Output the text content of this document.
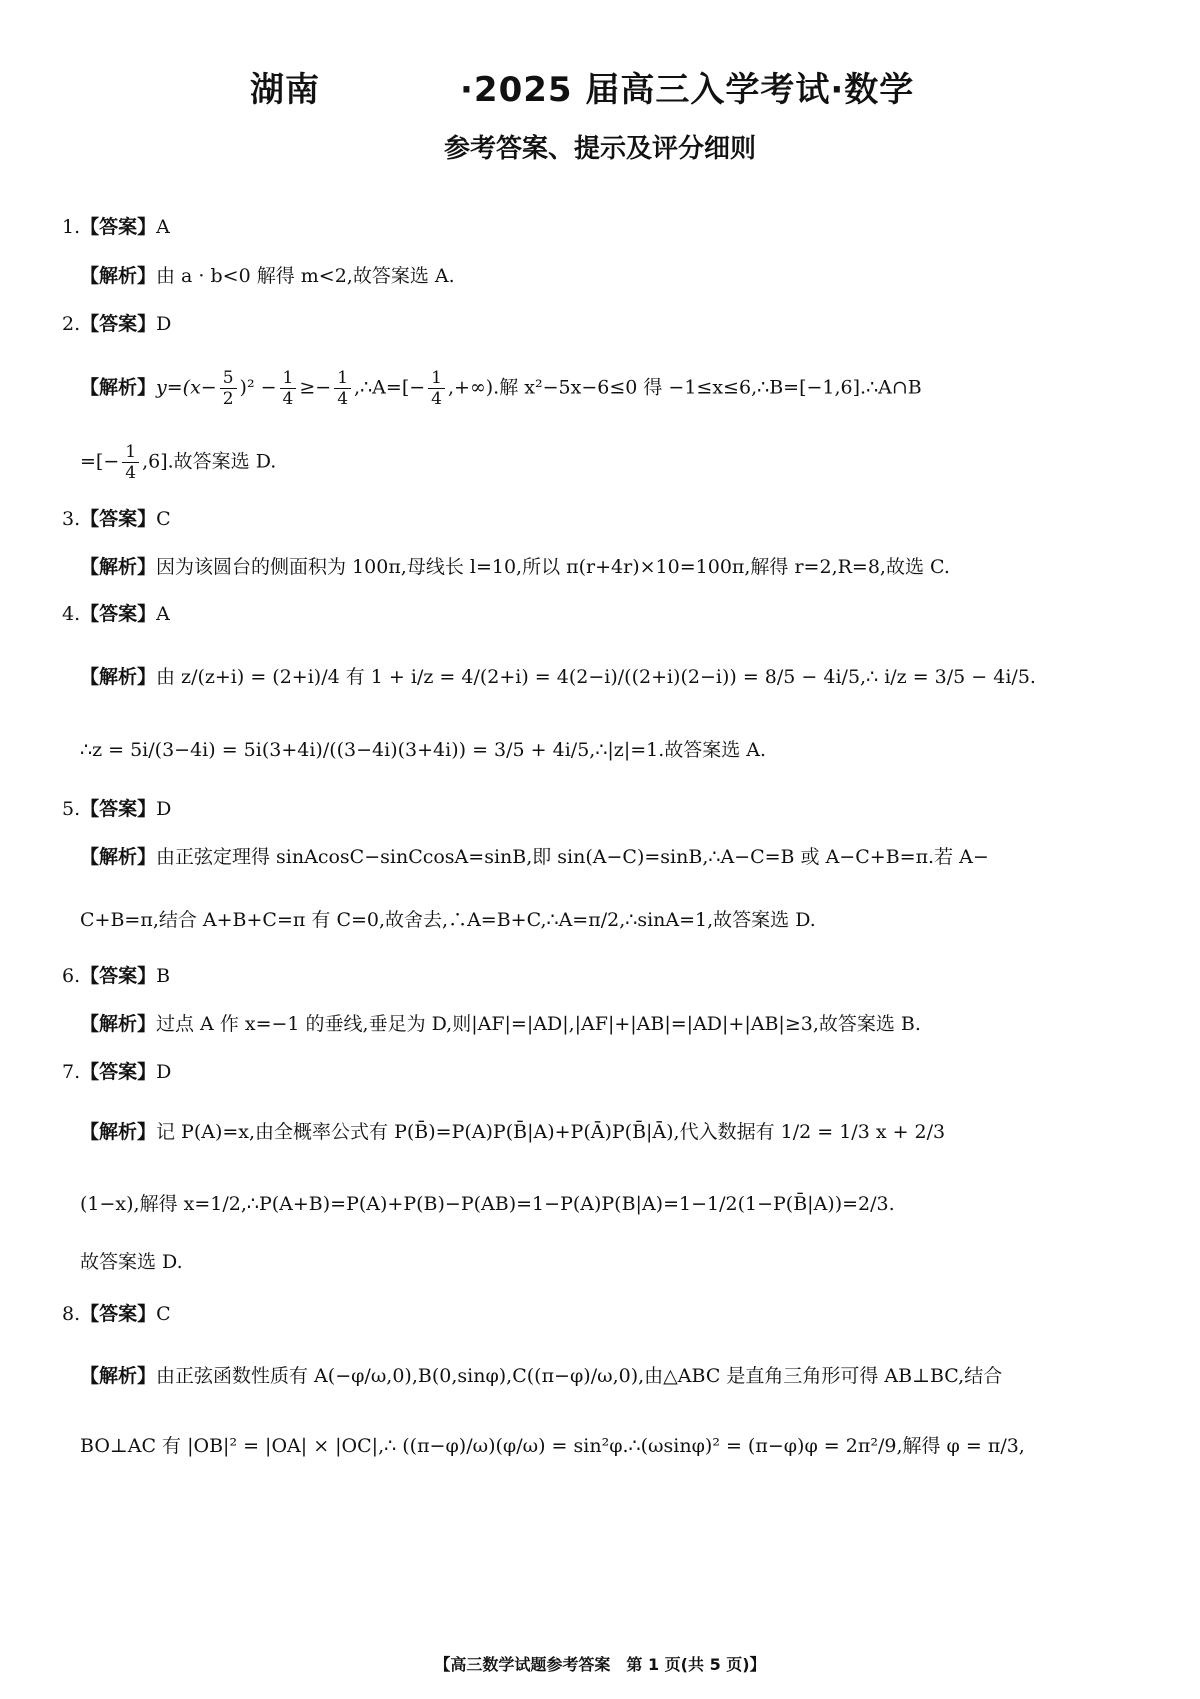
湖南	·2025 届高三入学考试·数学
参考答案、提示及评分细则
1.【答案】A
【解析】由 a · b<0 解得 m<2,故答案选 A.
2.【答案】D
【解析】$y=(x- \frac{5}{2} )^2 - \frac{1}{4} \ge- \frac{1}{4}$ ,∴A=[− $\frac{1}{4}$ ,+∞).解 x²−5x−6≤0 得 −1≤x≤6,∴B=[−1,6].∴A∩B
=[− $\frac{1}{4} ,6$].故答案选 D.
3.【答案】C
【解析】因为该圆台的侧面积为 100π,母线长 l=10,所以 π(r+4r)×10=100π,解得 r=2,R=8,故选 C.
4.【答案】A
【解析】由 z/(z+i) = (2+i)/4 有 1 + i/z = 4/(2+i) = 4(2−i)/((2+i)(2−i)) = 8/5 − 4i/5,∴ i/z = 3/5 − 4i/5.
∴z = 5i/(3−4i) = 5i(3+4i)/((3−4i)(3+4i)) = 3/5 + 4i/5,∴|z|=1.故答案选 A.
5.【答案】D
【解析】由正弦定理得 sinAcosC−sinCcosA=sinB,即 sin(A−C)=sinB,∴A−C=B 或 A−C+B=π.若 A−
C+B=π,结合 A+B+C=π 有 C=0,故舍去,∴A=B+C,∴A=π/2,∴sinA=1,故答案选 D.
6.【答案】B
【解析】过点 A 作 x=−1 的垂线,垂足为 D,则|AF|=|AD|,|AF|+|AB|=|AD|+|AB|≥3,故答案选 B.
7.【答案】D
【解析】记 P(A)=x,由全概率公式有 P(B̄)=P(A)P(B̄|A)+P(Ā)P(B̄|Ā),代入数据有 1/2 = 1/3 x + 2/3
(1−x),解得 x=1/2,∴P(A+B)=P(A)+P(B)−P(AB)=1−P(A)P(B|A)=1−1/2(1−P(B̄|A))=2/3.
故答案选 D.
8.【答案】C
【解析】由正弦函数性质有 A(−φ/ω,0),B(0,sinφ),C((π−φ)/ω,0),由△ABC 是直角三角形可得 AB⊥BC,结合
BO⊥AC 有 |OB|² = |OA| × |OC|,∴ ((π−φ)/ω)(φ/ω) = sin²φ.∴(ωsinφ)² = (π−φ)φ = 2π²/9,解得 φ = π/3,
【高三数学试题参考答案　第 1 页(共 5 页)】
